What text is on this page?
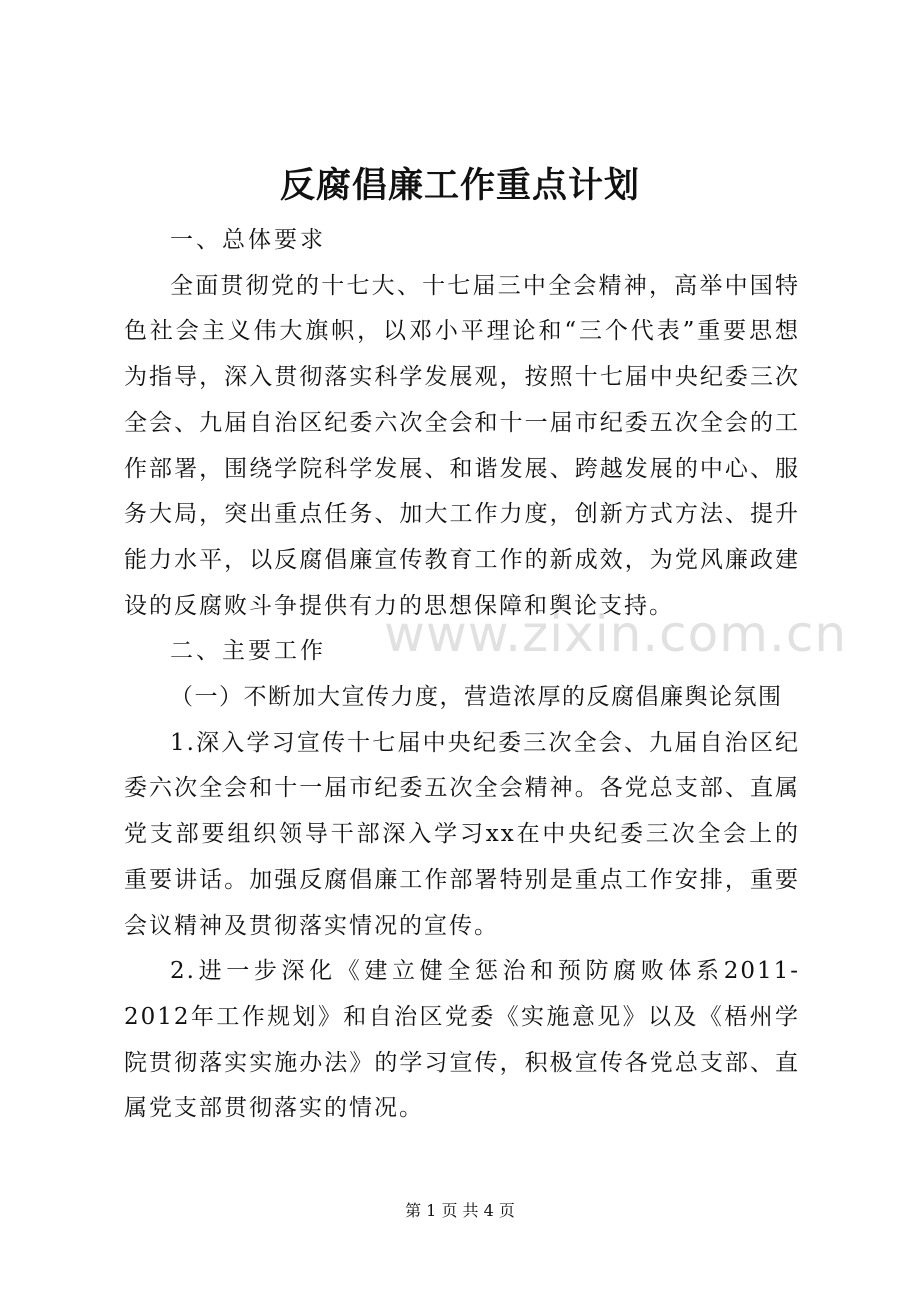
反腐倡廉工作重点计划

一、总体要求

全面贯彻党的十七大、十七届三中全会精神，高举中国特色社会主义伟大旗帜，以邓小平理论和“三个代表”重要思想为指导，深入贯彻落实科学发展观，按照十七届中央纪委三次全会、九届自治区纪委六次全会和十一届市纪委五次全会的工作部署，围绕学院科学发展、和谐发展、跨越发展的中心、服务大局，突出重点任务、加大工作力度，创新方式方法、提升能力水平，以反腐倡廉宣传教育工作的新成效，为党风廉政建设的反腐败斗争提供有力的思想保障和舆论支持。

二、主要工作

（一）不断加大宣传力度，营造浓厚的反腐倡廉舆论氛围

1.深入学习宣传十七届中央纪委三次全会、九届自治区纪委六次全会和十一届市纪委五次全会精神。各党总支部、直属党支部要组织领导干部深入学习xx在中央纪委三次全会上的重要讲话。加强反腐倡廉工作部署特别是重点工作安排，重要会议精神及贯彻落实情况的宣传。

2.进一步深化《建立健全惩治和预防腐败体系2011-2012年工作规划》和自治区党委《实施意见》以及《梧州学院贯彻落实实施办法》的学习宣传，积极宣传各党总支部、直属党支部贯彻落实的情况。

www.zixin.com.cn
第 1 页 共 4 页
